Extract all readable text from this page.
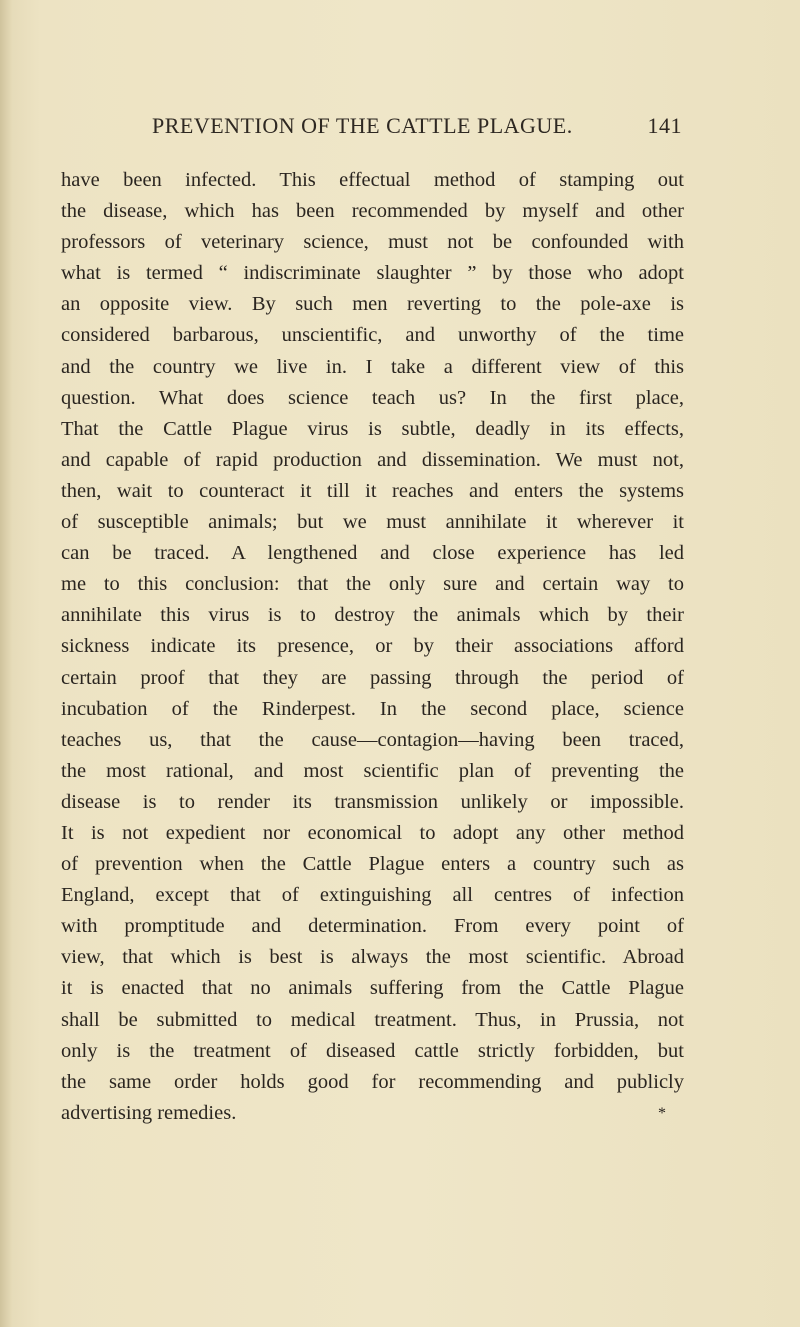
PREVENTION OF THE CATTLE PLAGUE.	141
have been infected. This effectual method of stamping out
the disease, which has been recommended by myself and other
professors of veterinary science, must not be confounded with
what is termed “ indiscriminate slaughter ” by those who adopt
an opposite view. By such men reverting to the pole-axe is
considered barbarous, unscientific, and unworthy of the time
and the country we live in. I take a different view of this
question. What does science teach us? In the first place,
That the Cattle Plague virus is subtle, deadly in its effects,
and capable of rapid production and dissemination. We must not,
then, wait to counteract it till it reaches and enters the systems
of susceptible animals; but we must annihilate it wherever it
can be traced. A lengthened and close experience has led
me to this conclusion: that the only sure and certain way to
annihilate this virus is to destroy the animals which by their
sickness indicate its presence, or by their associations afford
certain proof that they are passing through the period of
incubation of the Rinderpest. In the second place, science
teaches us, that the cause—contagion—having been traced,
the most rational, and most scientific plan of preventing the
disease is to render its transmission unlikely or impossible.
It is not expedient nor economical to adopt any other method
of prevention when the Cattle Plague enters a country such as
England, except that of extinguishing all centres of infection
with promptitude and determination. From every point of
view, that which is best is always the most scientific. Abroad
it is enacted that no animals suffering from the Cattle Plague
shall be submitted to medical treatment. Thus, in Prussia, not
only is the treatment of diseased cattle strictly forbidden, but
the same order holds good for recommending and publicly
advertising remedies.	*
